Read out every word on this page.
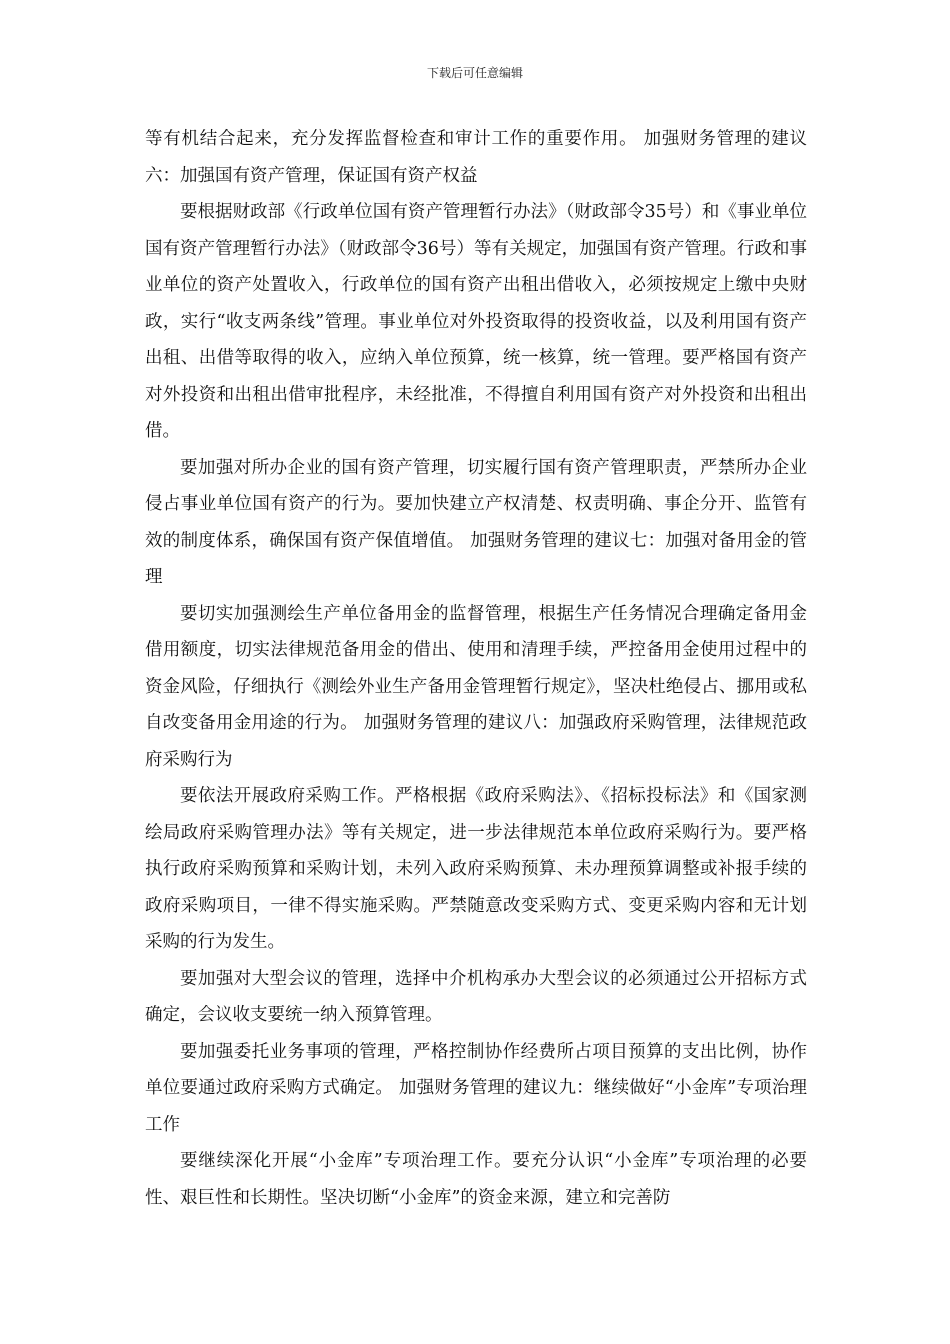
下载后可任意编辑

等有机结合起来，充分发挥监督检查和审计工作的重要作用。 加强财务管理的建议六：加强国有资产管理，保证国有资产权益

要根据财政部《行政单位国有资产管理暂行办法》（财政部令35号）和《事业单位国有资产管理暂行办法》（财政部令36号）等有关规定，加强国有资产管理。行政和事业单位的资产处置收入，行政单位的国有资产出租出借收入，必须按规定上缴中央财政，实行“收支两条线”管理。事业单位对外投资取得的投资收益，以及利用国有资产出租、出借等取得的收入，应纳入单位预算，统一核算，统一管理。要严格国有资产对外投资和出租出借审批程序，未经批准，不得擅自利用国有资产对外投资和出租出借。

要加强对所办企业的国有资产管理，切实履行国有资产管理职责，严禁所办企业侵占事业单位国有资产的行为。要加快建立产权清楚、权责明确、事企分开、监管有效的制度体系，确保国有资产保值增值。 加强财务管理的建议七：加强对备用金的管理

要切实加强测绘生产单位备用金的监督管理，根据生产任务情况合理确定备用金借用额度，切实法律规范备用金的借出、使用和清理手续，严控备用金使用过程中的资金风险，仔细执行《测绘外业生产备用金管理暂行规定》，坚决杜绝侵占、挪用或私自改变备用金用途的行为。 加强财务管理的建议八：加强政府采购管理，法律规范政府采购行为

要依法开展政府采购工作。严格根据《政府采购法》、《招标投标法》和《国家测绘局政府采购管理办法》等有关规定，进一步法律规范本单位政府采购行为。要严格执行政府采购预算和采购计划，未列入政府采购预算、未办理预算调整或补报手续的政府采购项目，一律不得实施采购。严禁随意改变采购方式、变更采购内容和无计划采购的行为发生。

要加强对大型会议的管理，选择中介机构承办大型会议的必须通过公开招标方式确定，会议收支要统一纳入预算管理。

要加强委托业务事项的管理，严格控制协作经费所占项目预算的支出比例，协作单位要通过政府采购方式确定。 加强财务管理的建议九：继续做好“小金库”专项治理工作

要继续深化开展“小金库”专项治理工作。要充分认识“小金库”专项治理的必要性、艰巨性和长期性。坚决切断“小金库”的资金来源，建立和完善防
